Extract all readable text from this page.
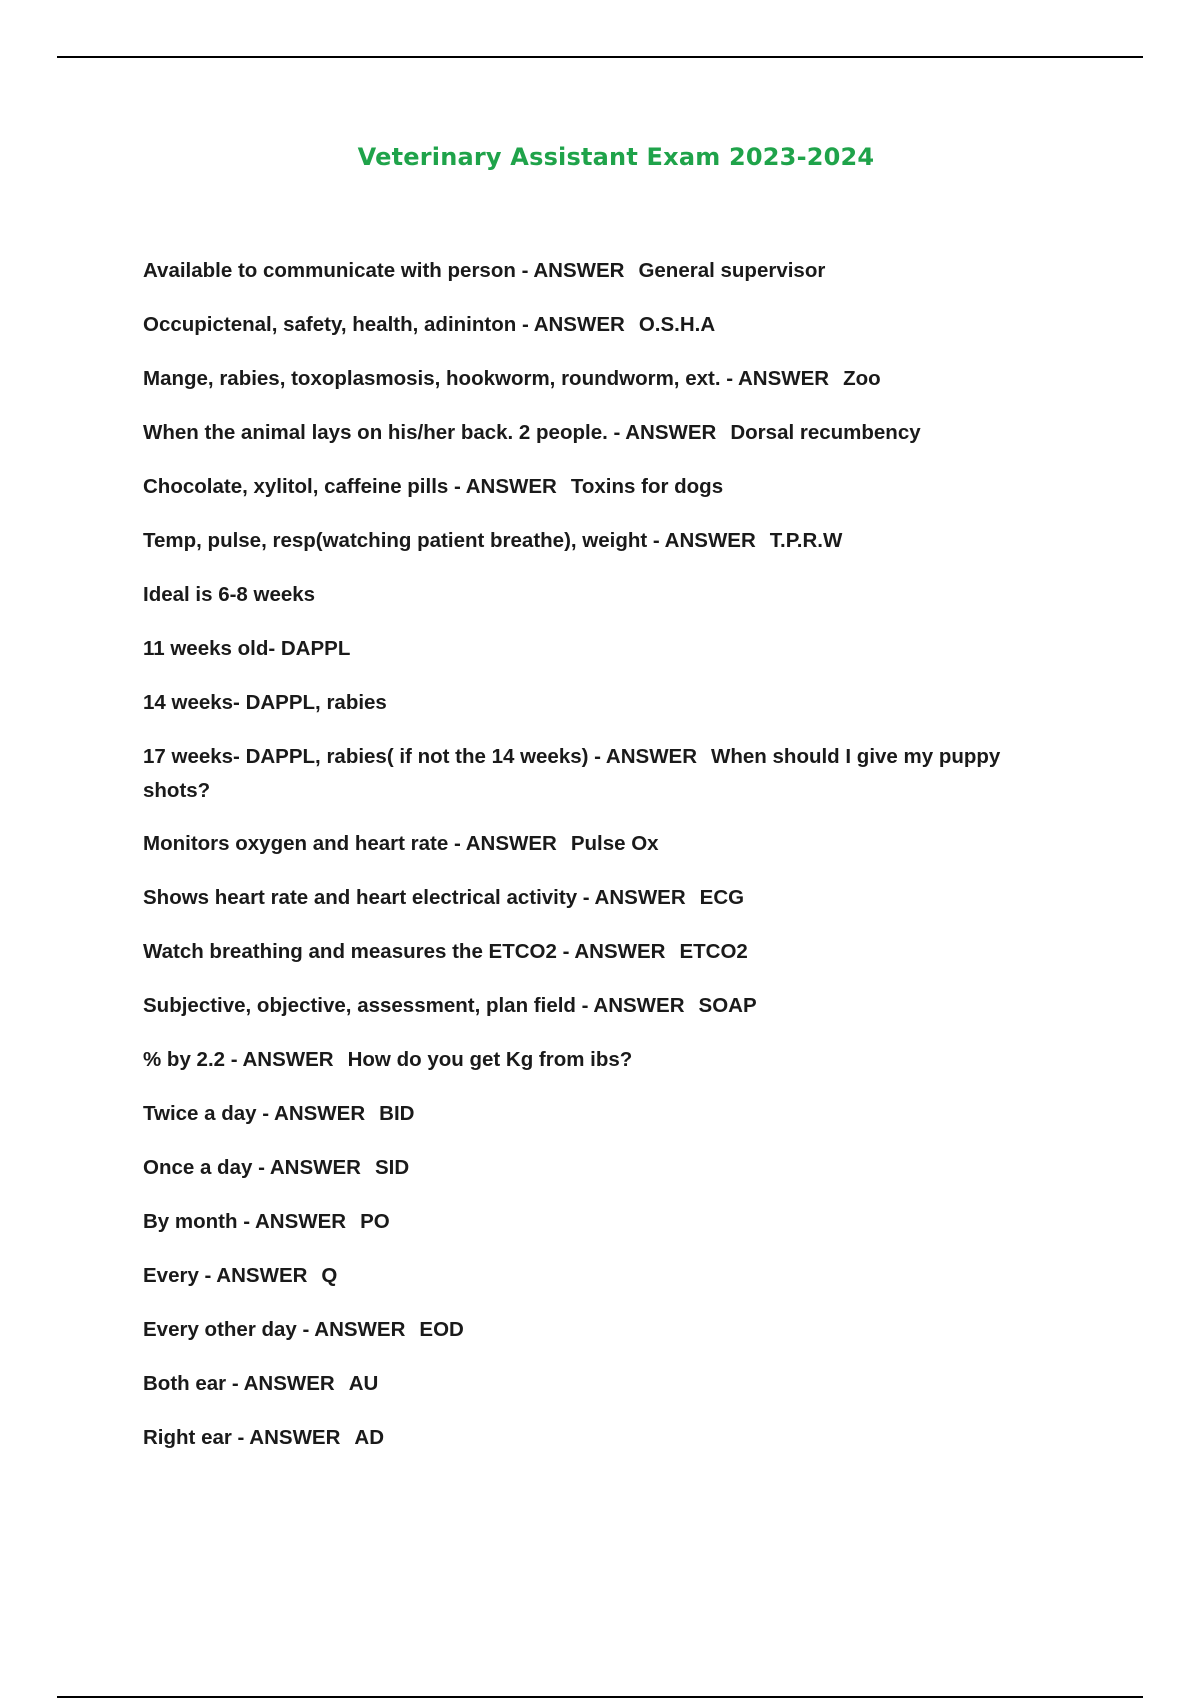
Veterinary Assistant Exam 2023-2024

Available to communicate with person - ANSWER General supervisor

Occupictenal, safety, health, adininton - ANSWER O.S.H.A

Mange, rabies, toxoplasmosis, hookworm, roundworm, ext. - ANSWER Zoo

When the animal lays on his/her back. 2 people. - ANSWER Dorsal recumbency

Chocolate, xylitol, caffeine pills - ANSWER Toxins for dogs

Temp, pulse, resp(watching patient breathe), weight - ANSWER T.P.R.W

Ideal is 6-8 weeks

11 weeks old- DAPPL

14 weeks- DAPPL, rabies

17 weeks- DAPPL, rabies( if not the 14 weeks) - ANSWER When should I give my puppy shots?

Monitors oxygen and heart rate - ANSWER Pulse Ox

Shows heart rate and heart electrical activity - ANSWER ECG

Watch breathing and measures the ETCO2 - ANSWER ETCO2

Subjective, objective, assessment, plan field - ANSWER SOAP

% by 2.2 - ANSWER How do you get Kg from ibs?

Twice a day - ANSWER BID

Once a day - ANSWER SID

By month - ANSWER PO

Every - ANSWER Q

Every other day - ANSWER EOD

Both ear - ANSWER AU

Right ear - ANSWER AD
